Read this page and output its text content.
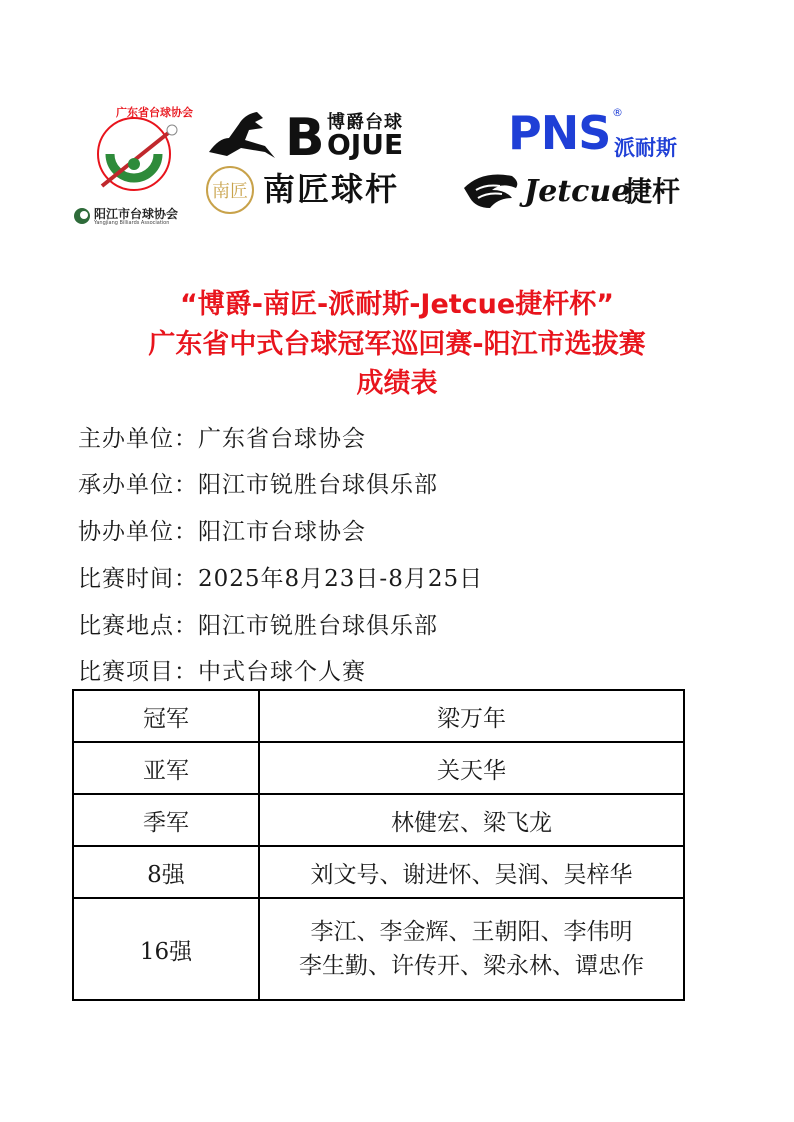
广东省台球协会
阳江市台球协会
Yangjiang Billiards Association
B 博爵台球
OJUE
南匠 南匠球杆
PNS ®
派耐斯
Jetcue
捷杆
“博爵-南匠-派耐斯-Jetcue捷杆杯”
广东省中式台球冠军巡回赛-阳江市选拔赛
成绩表
主办单位：广东省台球协会
承办单位：阳江市锐胜台球俱乐部
协办单位：阳江市台球协会
比赛时间：2025年8月23日-8月25日
比赛地点：阳江市锐胜台球俱乐部
比赛项目：中式台球个人赛
冠军	梁万年
亚军	关天华
季军	林健宏、梁飞龙
8强	刘文号、谢进怀、吴润、吴梓华
16强	李江、李金辉、王朝阳、李伟明
李生勤、许传开、梁永林、谭忠作
